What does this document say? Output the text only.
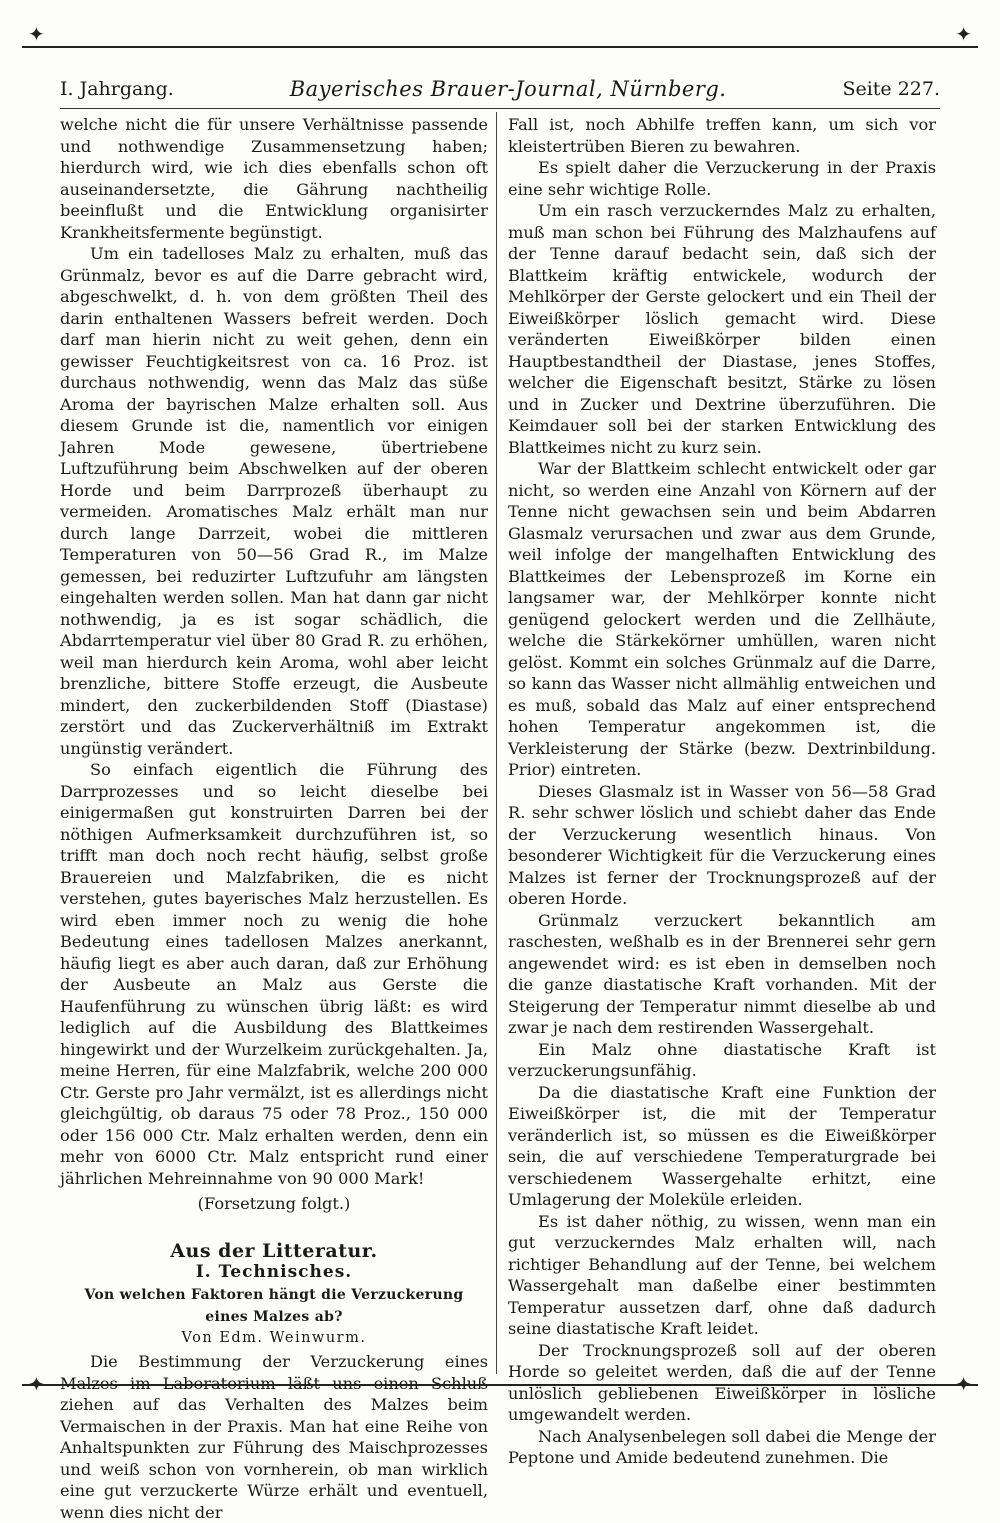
✦	✦
I. Jahrgang.	Bayerisches Brauer-Journal, Nürnberg.	Seite 227.

welche nicht die für unsere Verhältnisse passende und nothwendige Zusammensetzung haben; hierdurch wird, wie ich dies ebenfalls schon oft auseinandersetzte, die Gährung nachtheilig beeinflußt und die Entwicklung organisirter Krankheitsfermente begünstigt.

Um ein tadelloses Malz zu erhalten, muß das Grünmalz, bevor es auf die Darre gebracht wird, abgeschwelkt, d. h. von dem größten Theil des darin enthaltenen Wassers befreit werden. Doch darf man hierin nicht zu weit gehen, denn ein gewisser Feuchtigkeitsrest von ca. 16 Proz. ist durchaus nothwendig, wenn das Malz das süße Aroma der bayrischen Malze erhalten soll. Aus diesem Grunde ist die, namentlich vor einigen Jahren Mode gewesene, übertriebene Luftzuführung beim Abschwelken auf der oberen Horde und beim Darrprozeß überhaupt zu vermeiden. Aromatisches Malz erhält man nur durch lange Darrzeit, wobei die mittleren Temperaturen von 50—56 Grad R., im Malze gemessen, bei reduzirter Luftzufuhr am längsten eingehalten werden sollen. Man hat dann gar nicht nothwendig, ja es ist sogar schädlich, die Abdarrtemperatur viel über 80 Grad R. zu erhöhen, weil man hierdurch kein Aroma, wohl aber leicht brenzliche, bittere Stoffe erzeugt, die Ausbeute mindert, den zuckerbildenden Stoff (Diastase) zerstört und das Zuckerverhältniß im Extrakt ungünstig verändert.

So einfach eigentlich die Führung des Darrprozesses und so leicht dieselbe bei einigermaßen gut konstruirten Darren bei der nöthigen Aufmerksamkeit durchzuführen ist, so trifft man doch noch recht häufig, selbst große Brauereien und Malzfabriken, die es nicht verstehen, gutes bayerisches Malz herzustellen. Es wird eben immer noch zu wenig die hohe Bedeutung eines tadellosen Malzes anerkannt, häufig liegt es aber auch daran, daß zur Erhöhung der Ausbeute an Malz aus Gerste die Haufenführung zu wünschen übrig läßt: es wird lediglich auf die Ausbildung des Blattkeimes hingewirkt und der Wurzelkeim zurückgehalten. Ja, meine Herren, für eine Malzfabrik, welche 200 000 Ctr. Gerste pro Jahr vermälzt, ist es allerdings nicht gleichgültig, ob daraus 75 oder 78 Proz., 150 000 oder 156 000 Ctr. Malz erhalten werden, denn ein mehr von 6000 Ctr. Malz entspricht rund einer jährlichen Mehreinnahme von 90 000 Mark!

(Forsetzung folgt.)

Aus der Litteratur.

I. Technisches.

Von welchen Faktoren hängt die Verzuckerung eines Malzes ab?

Von Edm. Weinwurm.

Die Bestimmung der Verzuckerung eines Malzes im Laboratorium läßt uns einen Schluß ziehen auf das Verhalten des Malzes beim Vermaischen in der Praxis. Man hat eine Reihe von Anhaltspunkten zur Führung des Maischprozesses und weiß schon von vornherein, ob man wirklich eine gut verzuckerte Würze erhält und eventuell, wenn dies nicht der

Fall ist, noch Abhilfe treffen kann, um sich vor kleistertrüben Bieren zu bewahren.

Es spielt daher die Verzuckerung in der Praxis eine sehr wichtige Rolle.

Um ein rasch verzuckerndes Malz zu erhalten, muß man schon bei Führung des Malzhaufens auf der Tenne darauf bedacht sein, daß sich der Blattkeim kräftig entwickele, wodurch der Mehlkörper der Gerste gelockert und ein Theil der Eiweißkörper löslich gemacht wird. Diese veränderten Eiweißkörper bilden einen Hauptbestandtheil der Diastase, jenes Stoffes, welcher die Eigenschaft besitzt, Stärke zu lösen und in Zucker und Dextrine überzuführen. Die Keimdauer soll bei der starken Entwicklung des Blattkeimes nicht zu kurz sein.

War der Blattkeim schlecht entwickelt oder gar nicht, so werden eine Anzahl von Körnern auf der Tenne nicht gewachsen sein und beim Abdarren Glasmalz verursachen und zwar aus dem Grunde, weil infolge der mangelhaften Entwicklung des Blattkeimes der Lebensprozeß im Korne ein langsamer war, der Mehlkörper konnte nicht genügend gelockert werden und die Zellhäute, welche die Stärkekörner umhüllen, waren nicht gelöst. Kommt ein solches Grünmalz auf die Darre, so kann das Wasser nicht allmählig entweichen und es muß, sobald das Malz auf einer entsprechend hohen Temperatur angekommen ist, die Verkleisterung der Stärke (bezw. Dextrinbildung. Prior) eintreten.

Dieses Glasmalz ist in Wasser von 56—58 Grad R. sehr schwer löslich und schiebt daher das Ende der Verzuckerung wesentlich hinaus. Von besonderer Wichtigkeit für die Verzuckerung eines Malzes ist ferner der Trocknungsprozeß auf der oberen Horde.

Grünmalz verzuckert bekanntlich am raschesten, weßhalb es in der Brennerei sehr gern angewendet wird: es ist eben in demselben noch die ganze diastatische Kraft vorhanden. Mit der Steigerung der Temperatur nimmt dieselbe ab und zwar je nach dem restirenden Wassergehalt.

Ein Malz ohne diastatische Kraft ist verzuckerungsunfähig.

Da die diastatische Kraft eine Funktion der Eiweißkörper ist, die mit der Temperatur veränderlich ist, so müssen es die Eiweißkörper sein, die auf verschiedene Temperaturgrade bei verschiedenem Wassergehalte erhitzt, eine Umlagerung der Moleküle erleiden.

Es ist daher nöthig, zu wissen, wenn man ein gut verzuckerndes Malz erhalten will, nach richtiger Behandlung auf der Tenne, bei welchem Wassergehalt man daßelbe einer bestimmten Temperatur aussetzen darf, ohne daß dadurch seine diastatische Kraft leidet.

Der Trocknungsprozeß soll auf der oberen Horde so geleitet werden, daß die auf der Tenne unlöslich gebliebenen Eiweißkörper in lösliche umgewandelt werden.

Nach Analysenbelegen soll dabei die Menge der Peptone und Amide bedeutend zunehmen. Die

✦	✦
